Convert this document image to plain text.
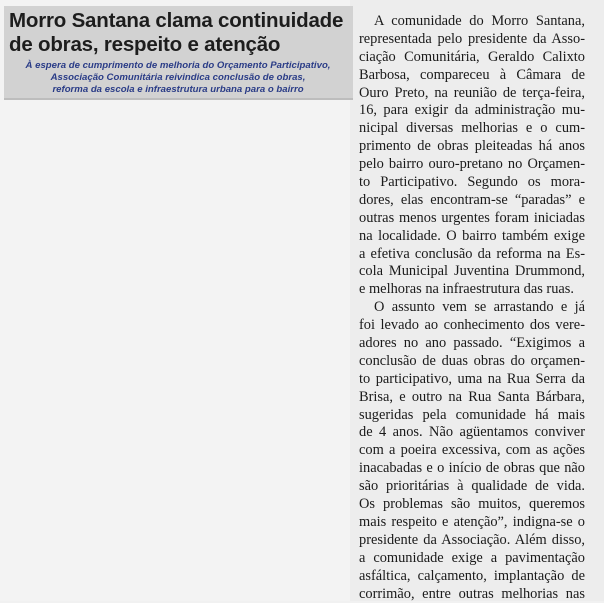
Morro Santana clama continuidade
de obras, respeito e atenção

À espera de cumprimento de melhoria do Orçamento Participativo,
Associação Comunitária reivindica conclusão de obras,
reforma da escola e infraestrutura urbana para o bairro

A comunidade do Morro Santana,
representada pelo presidente da Asso-
ciação Comunitária, Geraldo Calixto
Barbosa, compareceu à Câmara de
Ouro Preto, na reunião de terça-feira,
16, para exigir da administração mu-
nicipal diversas melhorias e o cum-
primento de obras pleiteadas há anos
pelo bairro ouro-pretano no Orçamen-
to Participativo. Segundo os mora-
dores, elas encontram-se “paradas” e
outras menos urgentes foram iniciadas
na localidade. O bairro também exige
a efetiva conclusão da reforma na Es-
cola Municipal Juventina Drummond,
e melhoras na infraestrutura das ruas.
O assunto vem se arrastando e já
foi levado ao conhecimento dos vere-
adores no ano passado. “Exigimos a
conclusão de duas obras do orçamen-
to participativo, uma na Rua Serra da
Brisa, e outro na Rua Santa Bárbara,
sugeridas pela comunidade há mais
de 4 anos. Não agüentamos conviver
com a poeira excessiva, com as ações
inacabadas e o início de obras que não
são prioritárias à qualidade de vida.
Os problemas são muitos, queremos
mais respeito e atenção”, indigna-se o
presidente da Associação. Além disso,
a comunidade exige a pavimentação
asfáltica, calçamento, implantação de
corrimão, entre outras melhorias nas
